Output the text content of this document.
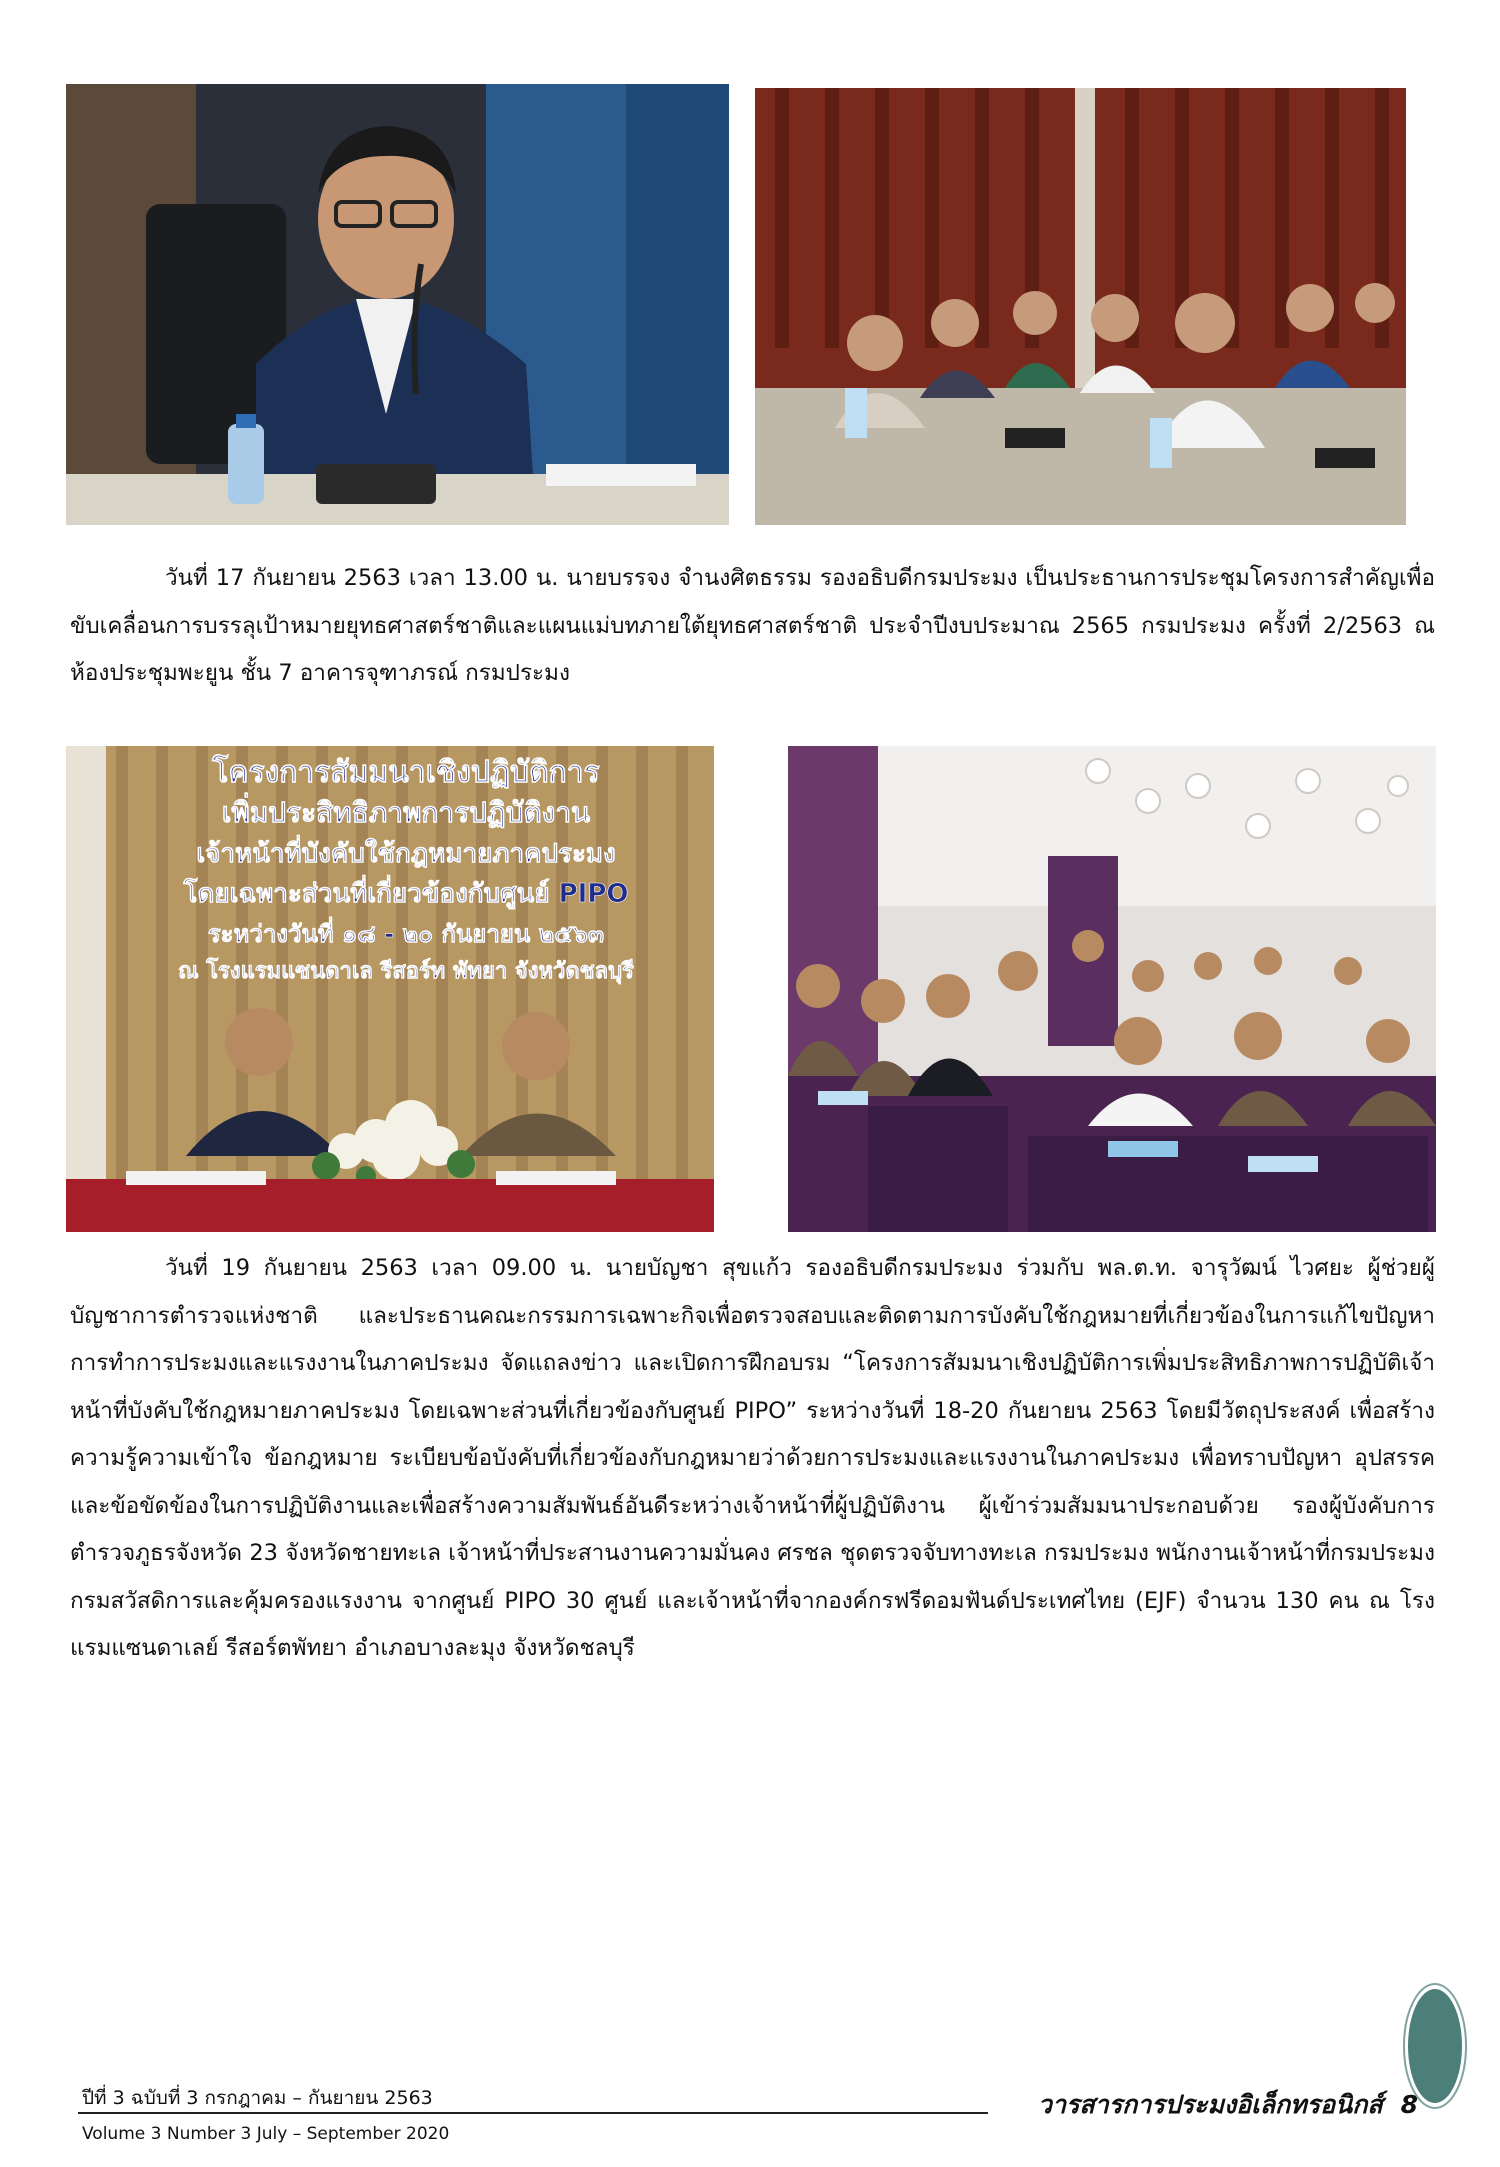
วันที่ 17 กันยายน 2563 เวลา 13.00 น. นายบรรจง จำนงศิตธรรม รองอธิบดีกรมประมง เป็นประธานการประชุมโครงการสำคัญเพื่อขับเคลื่อนการบรรลุเป้าหมายยุทธศาสตร์ชาติและแผนแม่บทภายใต้ยุทธศาสตร์ชาติ ประจำปีงบประมาณ 2565 กรมประมง ครั้งที่ 2/2563 ณ ห้องประชุมพะยูน ชั้น 7 อาคารจุฑาภรณ์ กรมประมง

โครงการสัมมนาเชิงปฏิบัติการ
เพิ่มประสิทธิภาพการปฏิบัติงาน
เจ้าหน้าที่บังคับใช้กฎหมายภาคประมง
โดยเฉพาะส่วนที่เกี่ยวข้องกับศูนย์ PIPO
ระหว่างวันที่ ๑๘ - ๒๐ กันยายน ๒๕๖๓
ณ โรงแรมแซนดาเล รีสอร์ท พัทยา จังหวัดชลบุรี

วันที่ 19 กันยายน 2563 เวลา 09.00 น. นายบัญชา สุขแก้ว รองอธิบดีกรมประมง ร่วมกับ พล.ต.ท. จารุวัฒน์ ไวศยะ ผู้ช่วยผู้บัญชาการตำรวจแห่งชาติ และประธานคณะกรรมการเฉพาะกิจเพื่อตรวจสอบและติดตามการบังคับใช้กฎหมายที่เกี่ยวข้องในการแก้ไขปัญหาการทำการประมงและแรงงานในภาคประมง จัดแถลงข่าว และเปิดการฝึกอบรม “โครงการสัมมนาเชิงปฏิบัติการเพิ่มประสิทธิภาพการปฏิบัติเจ้าหน้าที่บังคับใช้กฎหมายภาคประมง โดยเฉพาะส่วนที่เกี่ยวข้องกับศูนย์ PIPO” ระหว่างวันที่ 18-20 กันยายน 2563 โดยมีวัตถุประสงค์ เพื่อสร้างความรู้ความเข้าใจ ข้อกฎหมาย ระเบียบข้อบังคับที่เกี่ยวข้องกับกฎหมายว่าด้วยการประมงและแรงงานในภาคประมง เพื่อทราบปัญหา อุปสรรคและข้อขัดข้องในการปฏิบัติงานและเพื่อสร้างความสัมพันธ์อันดีระหว่างเจ้าหน้าที่ผู้ปฏิบัติงาน ผู้เข้าร่วมสัมมนาประกอบด้วย รองผู้บังคับการตำรวจภูธรจังหวัด 23 จังหวัดชายทะเล เจ้าหน้าที่ประสานงานความมั่นคง ศรชล ชุดตรวจจับทางทะเล กรมประมง พนักงานเจ้าหน้าที่กรมประมง กรมสวัสดิการและคุ้มครองแรงงาน จากศูนย์ PIPO 30 ศูนย์ และเจ้าหน้าที่จากองค์กรฟรีดอมฟันด์ประเทศไทย (EJF) จำนวน 130 คน ณ โรงแรมแซนดาเลย์ รีสอร์ตพัทยา อำเภอบางละมุง จังหวัดชลบุรี

ปีที่ 3 ฉบับที่ 3 กรกฎาคม – กันยายน 2563
Volume 3 Number 3 July – September 2020
วารสารการประมงอิเล็กทรอนิกส์ 8
